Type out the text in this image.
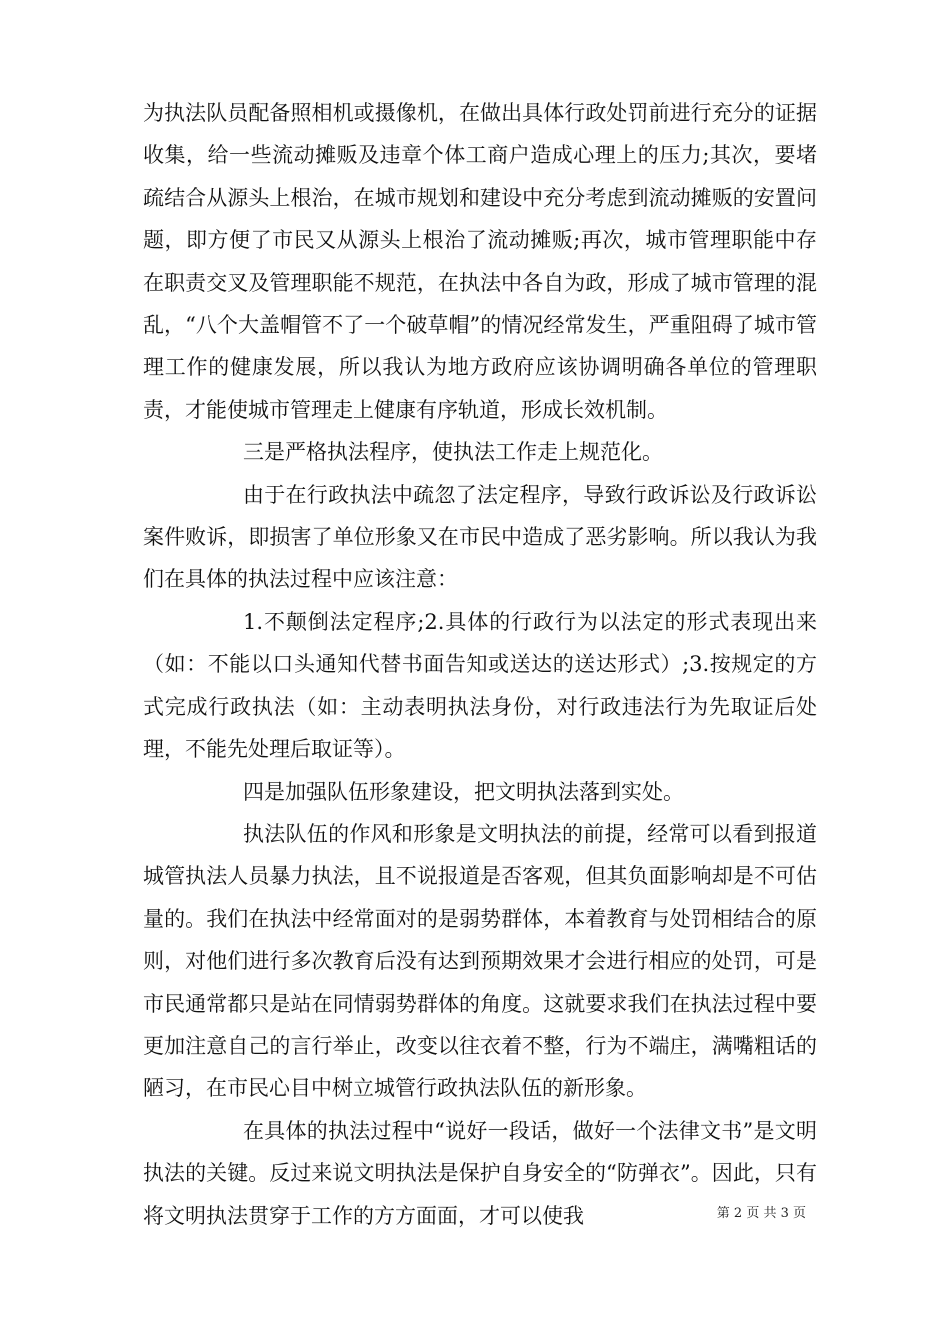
为执法队员配备照相机或摄像机，在做出具体行政处罚前进行充分的证据收集，给一些流动摊贩及违章个体工商户造成心理上的压力;其次，要堵疏结合从源头上根治，在城市规划和建设中充分考虑到流动摊贩的安置问题，即方便了市民又从源头上根治了流动摊贩;再次，城市管理职能中存在职责交叉及管理职能不规范，在执法中各自为政，形成了城市管理的混乱，“八个大盖帽管不了一个破草帽”的情况经常发生，严重阻碍了城市管理工作的健康发展，所以我认为地方政府应该协调明确各单位的管理职责，才能使城市管理走上健康有序轨道，形成长效机制。

三是严格执法程序，使执法工作走上规范化。

由于在行政执法中疏忽了法定程序，导致行政诉讼及行政诉讼案件败诉，即损害了单位形象又在市民中造成了恶劣影响。所以我认为我们在具体的执法过程中应该注意：

1.不颠倒法定程序;2.具体的行政行为以法定的形式表现出来（如：不能以口头通知代替书面告知或送达的送达形式）;3.按规定的方式完成行政执法（如：主动表明执法身份，对行政违法行为先取证后处理，不能先处理后取证等）。

四是加强队伍形象建设，把文明执法落到实处。

执法队伍的作风和形象是文明执法的前提，经常可以看到报道城管执法人员暴力执法，且不说报道是否客观，但其负面影响却是不可估量的。我们在执法中经常面对的是弱势群体，本着教育与处罚相结合的原则，对他们进行多次教育后没有达到预期效果才会进行相应的处罚，可是市民通常都只是站在同情弱势群体的角度。这就要求我们在执法过程中要更加注意自己的言行举止，改变以往衣着不整，行为不端庄，满嘴粗话的陋习，在市民心目中树立城管行政执法队伍的新形象。

在具体的执法过程中“说好一段话，做好一个法律文书”是文明执法的关键。反过来说文明执法是保护自身安全的“防弹衣”。因此，只有将文明执法贯穿于工作的方方面面，才可以使我	第 2 页 共 3 页
